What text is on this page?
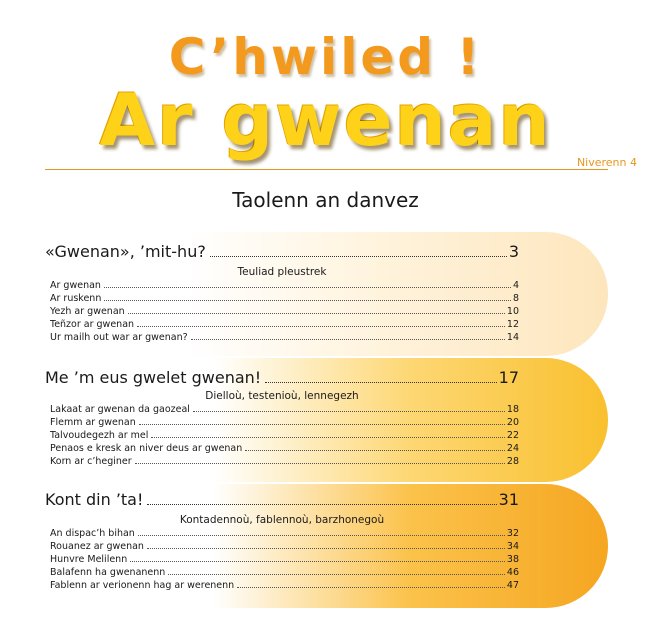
C’hwiled !
Ar gwenan
Niverenn 4
Taolenn an danvez
«Gwenan», ’mit-hu?	3
Teuliad pleustrek
Ar gwenan	4
Ar ruskenn	8
Yezh ar gwenan	10
Teñzor ar gwenan	12
Ur mailh out war ar gwenan?	14
Me ’m eus gwelet gwenan!	17
Dielloù, testenioù, lennegezh
Lakaat ar gwenan da gaozeal	18
Flemm ar gwenan	20
Talvoudegezh ar mel	22
Penaos e kresk an niver deus ar gwenan	24
Korn ar c’heginer	28
Kont din ’ta!	31
Kontadennoù, fablennoù, barzhonegoù
An dispac’h bihan	32
Rouanez ar gwenan	34
Hunvre Melilenn	38
Balafenn ha gwenanenn	46
Fablenn ar verionenn hag ar werenenn	47
